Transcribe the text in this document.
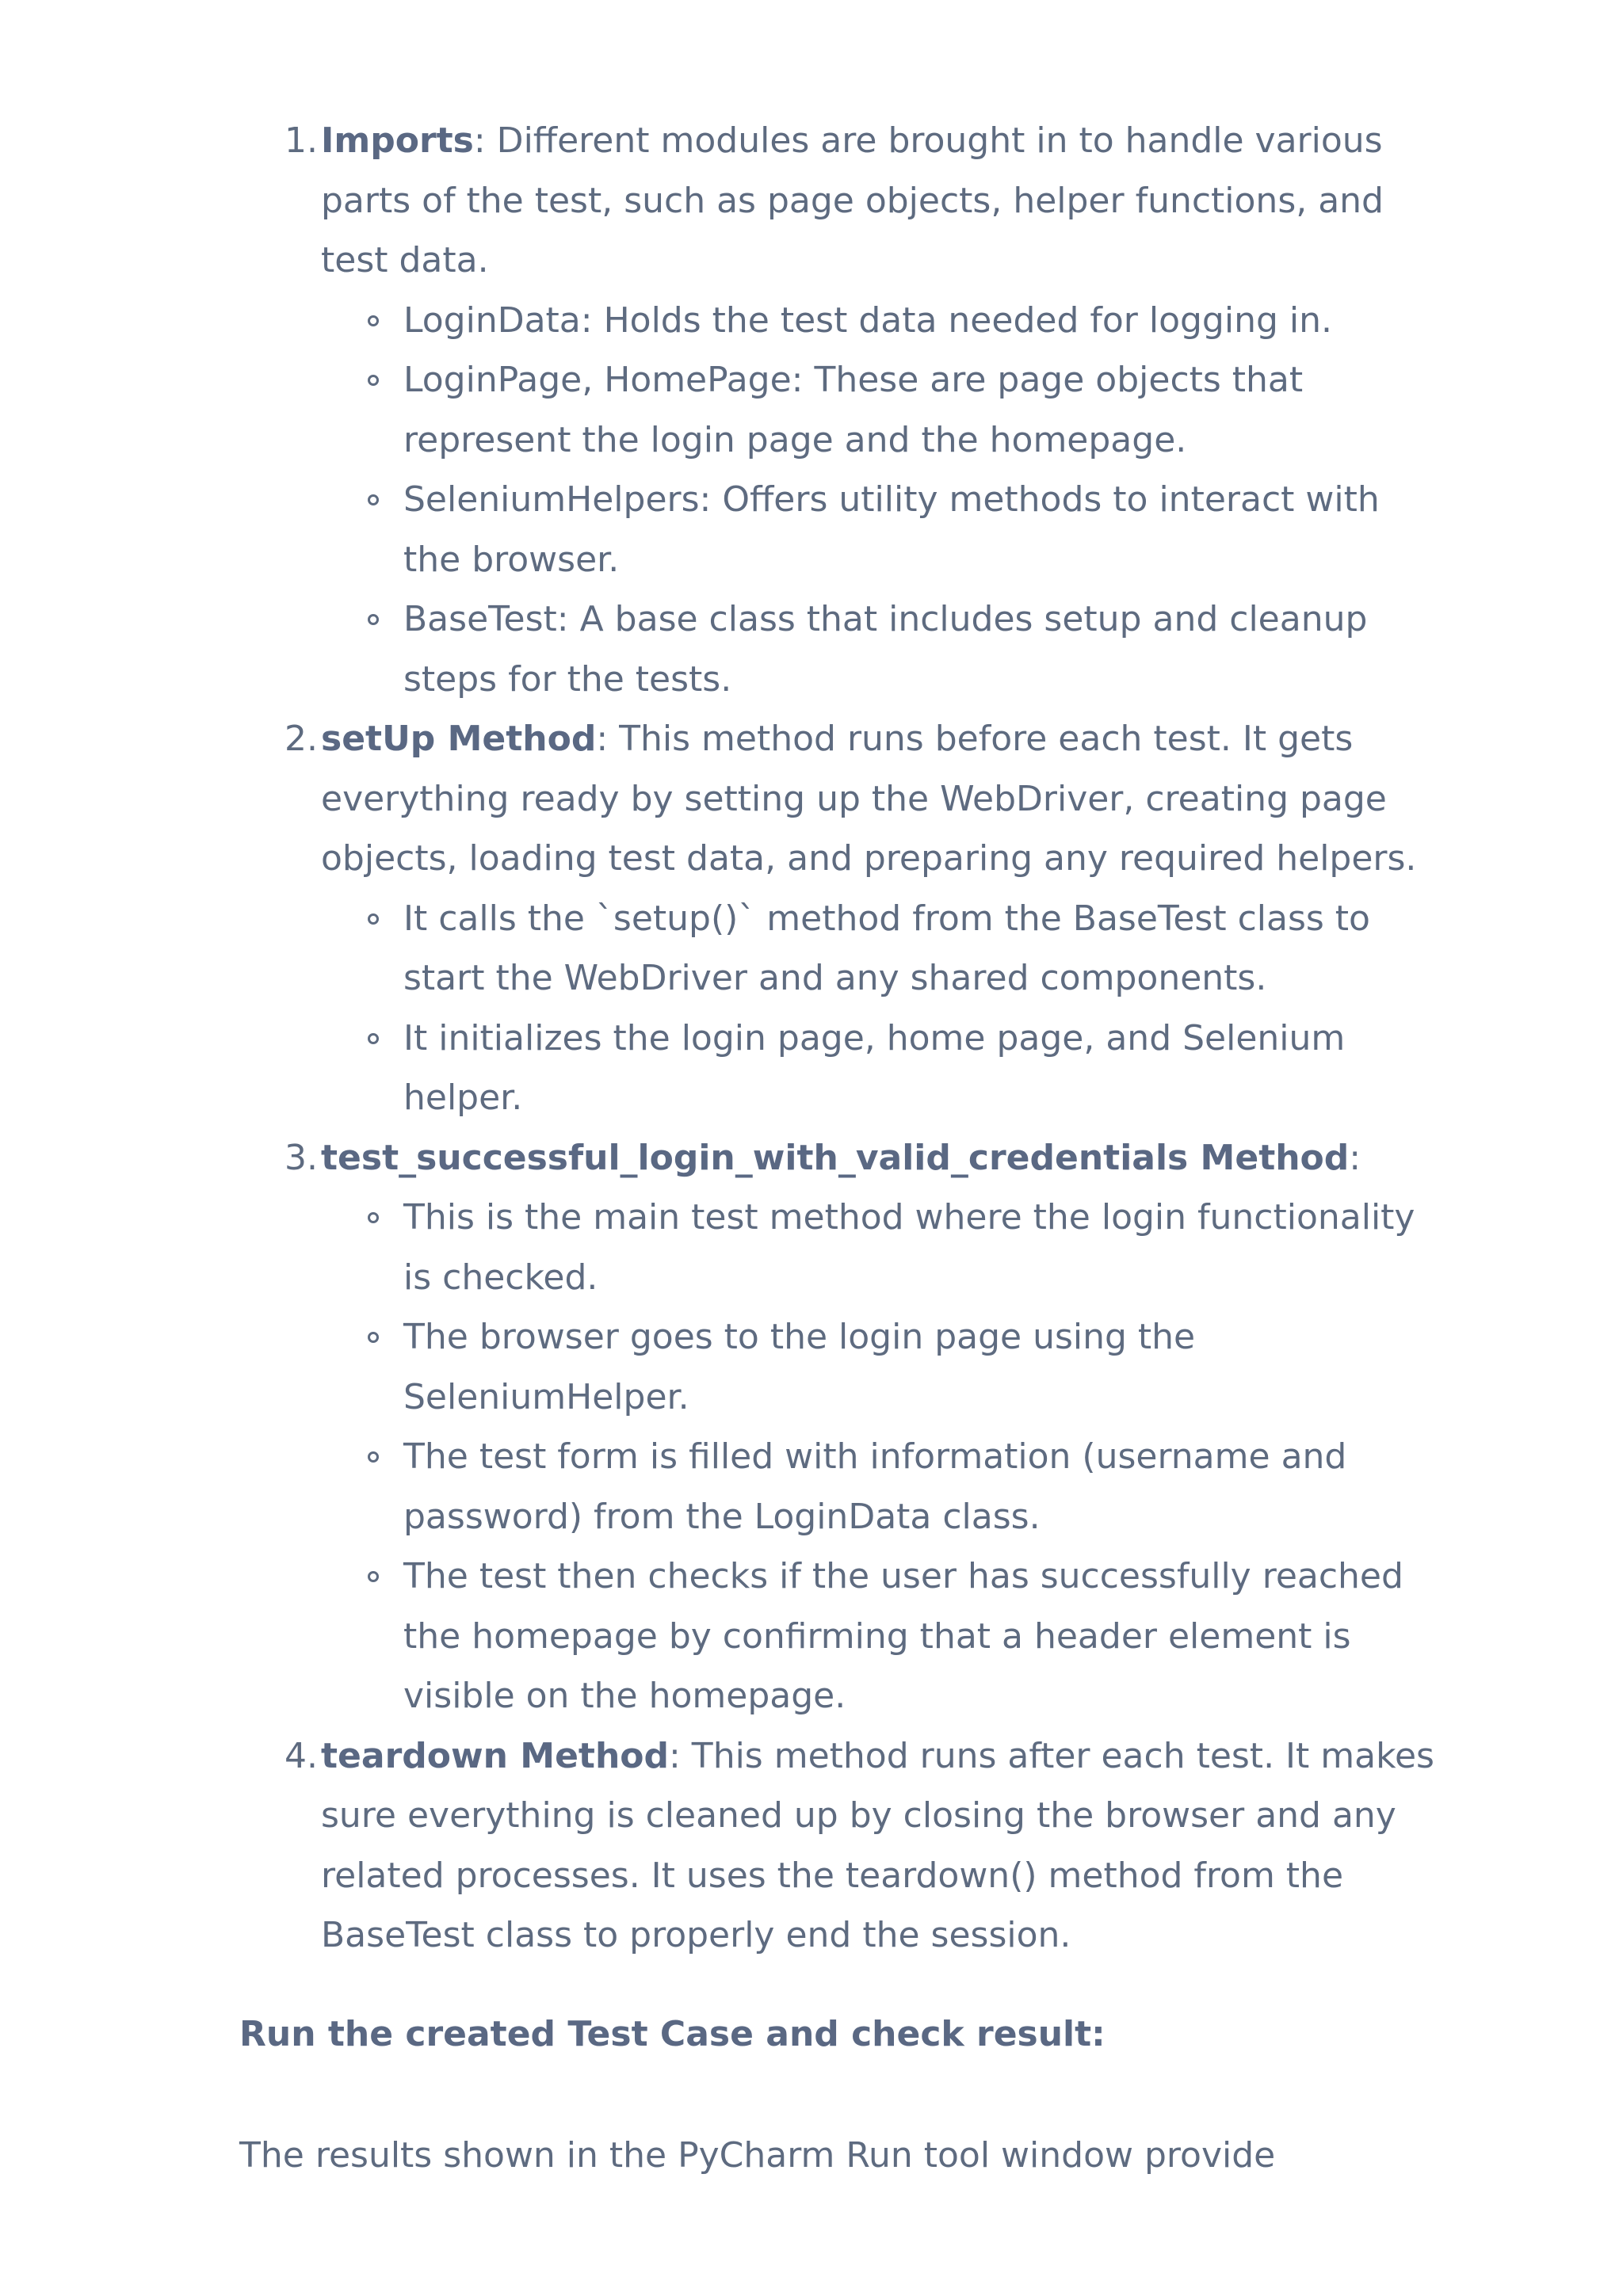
1 . Imports: Different modules are brought in to handle various parts of the test, such as page objects, helper functions, and test data.
LoginData: Holds the test data needed for logging in.
LoginPage, HomePage: These are page objects that represent the login page and the homepage.
SeleniumHelpers: Offers utility methods to interact with the browser.
BaseTest: A base class that includes setup and cleanup steps for the tests.
2 . setUp Method: This method runs before each test. It gets everything ready by setting up the WebDriver, creating page objects, loading test data, and preparing any required helpers.
It calls the `setup()` method from the BaseTest class to start the WebDriver and any shared components.
It initializes the login page, home page, and Selenium helper.
3 . test_successful_login_with_valid_credentials Method:
This is the main test method where the login functionality is checked.
The browser goes to the login page using the SeleniumHelper.
The test form is filled with information (username and password) from the LoginData class.
The test then checks if the user has successfully reached the homepage by confirming that a header element is visible on the homepage.
4 . teardown Method: This method runs after each test. It makes sure everything is cleaned up by closing the browser and any related processes. It uses the teardown() method from the BaseTest class to properly end the session.
Run the created Test Case and check result:

The results shown in the PyCharm Run tool window provide
